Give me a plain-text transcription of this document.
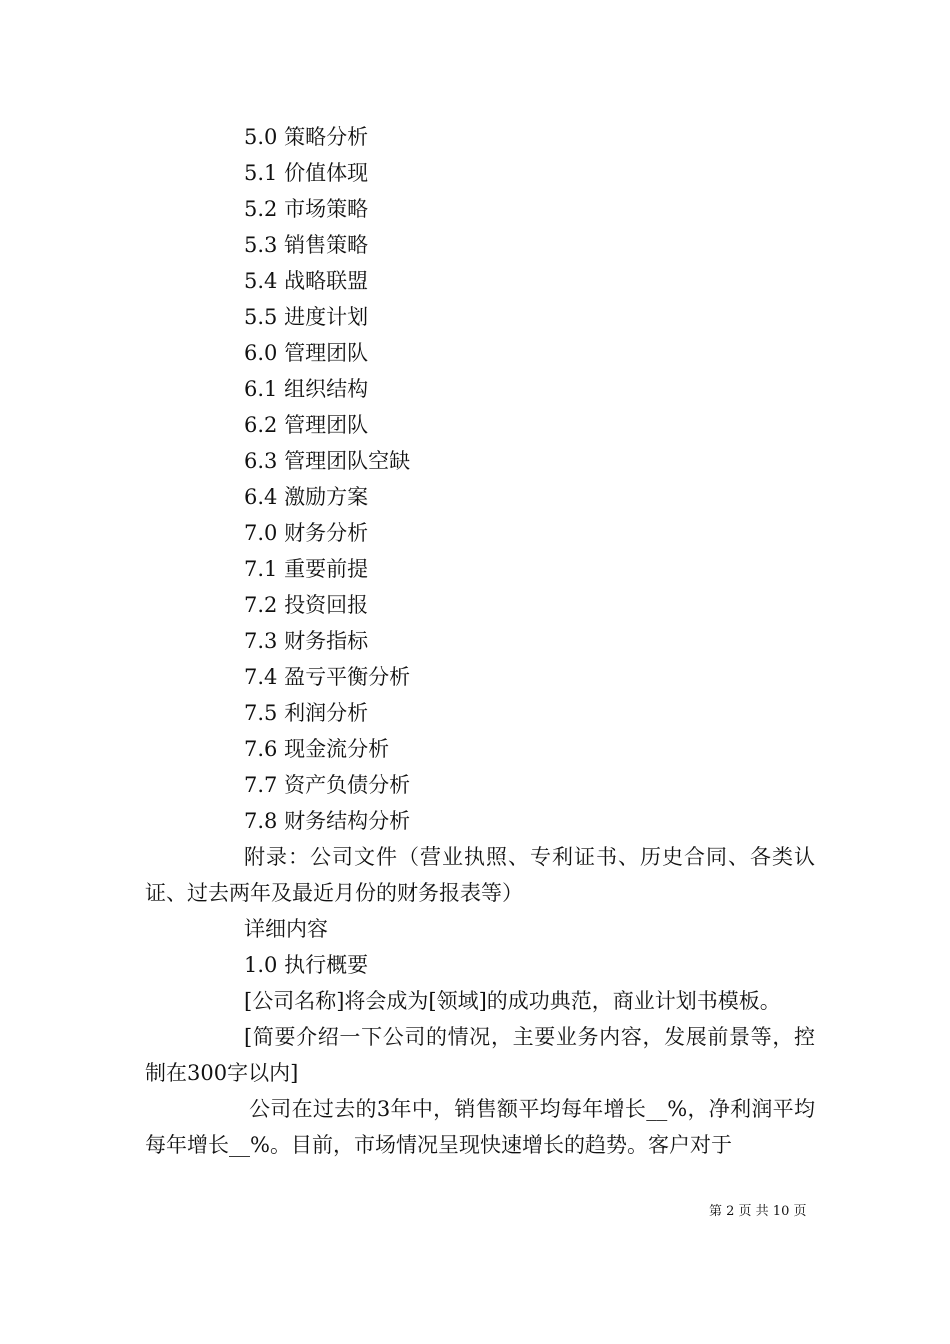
5.0 策略分析
5.1 价值体现
5.2 市场策略
5.3 销售策略
5.4 战略联盟
5.5 进度计划
6.0 管理团队
6.1 组织结构
6.2 管理团队
6.3 管理团队空缺
6.4 激励方案
7.0 财务分析
7.1 重要前提
7.2 投资回报
7.3 财务指标
7.4 盈亏平衡分析
7.5 利润分析
7.6 现金流分析
7.7 资产负债分析
7.8 财务结构分析

附录：公司文件（营业执照、专利证书、历史合同、各类认证、过去两年及最近月份的财务报表等）

详细内容

1.0 执行概要

[公司名称]将会成为[领域]的成功典范，商业计划书模板。

[简要介绍一下公司的情况，主要业务内容，发展前景等，控制在300字以内]

公司在过去的3年中，销售额平均每年增长__%，净利润平均每年增长__%。目前，市场情况呈现快速增长的趋势。客户对于

第 2 页 共 10 页
